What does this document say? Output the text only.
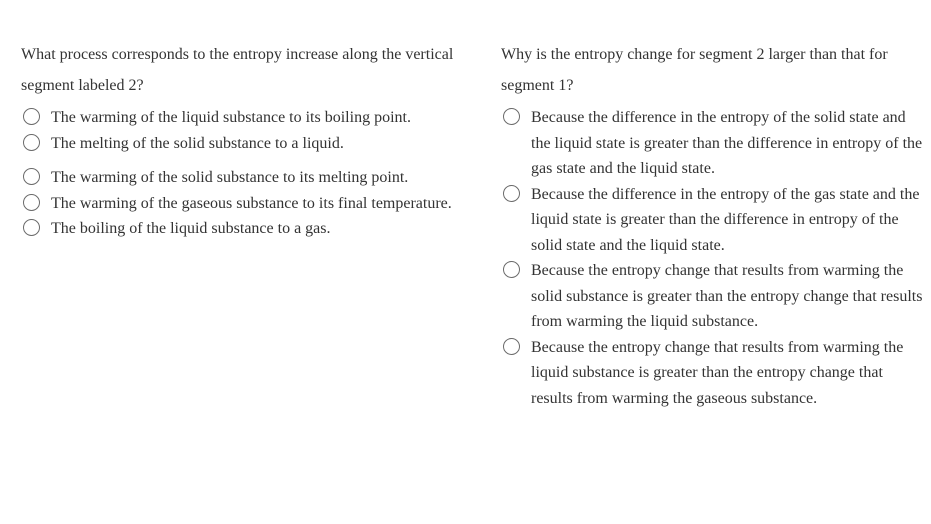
What process corresponds to the entropy increase along the vertical segment labeled 2?

The warming of the liquid substance to its boiling point.
The melting of the solid substance to a liquid.
The warming of the solid substance to its melting point.
The warming of the gaseous substance to its final temperature.
The boiling of the liquid substance to a gas.

Why is the entropy change for segment 2 larger than that for segment 1?

Because the difference in the entropy of the solid state and the liquid state is greater than the difference in entropy of the gas state and the liquid state.
Because the difference in the entropy of the gas state and the liquid state is greater than the difference in entropy of the solid state and the liquid state.
Because the entropy change that results from warming the solid substance is greater than the entropy change that results from warming the liquid substance.
Because the entropy change that results from warming the liquid substance is greater than the entropy change that results from warming the gaseous substance.
